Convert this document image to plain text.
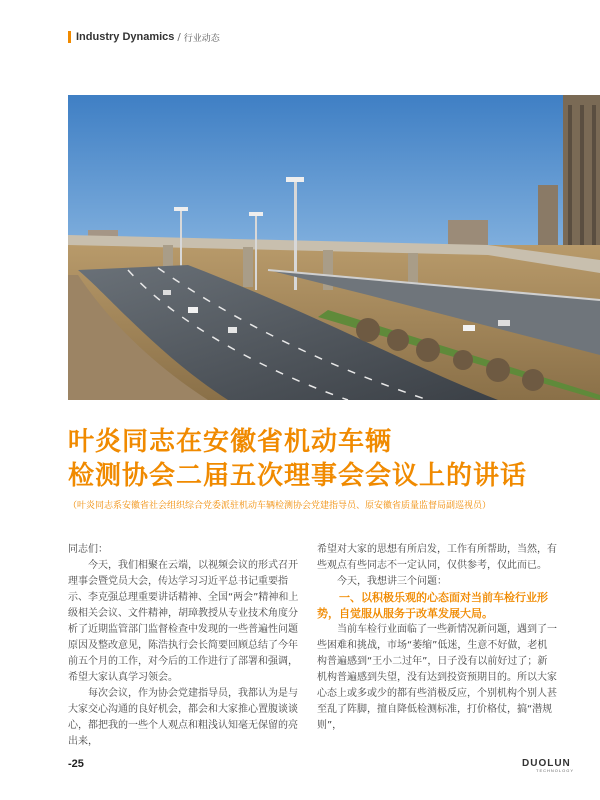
Industry Dynamics / 行业动态
叶炎同志在安徽省机动车辆
检测协会二届五次理事会会议上的讲话
（叶炎同志系安徽省社会组织综合党委派驻机动车辆检测协会党建指导员、原安徽省质量监督局副巡视员）

同志们：

今天，我们相聚在云端，以视频会议的形式召开理事会暨党员大会，传达学习习近平总书记重要指示、李克强总理重要讲话精神、全国“两会”精神和上级相关会议、文件精神，胡璋教授从专业技术角度分析了近期监管部门监督检查中发现的一些普遍性问题原因及整改意见，陈浩执行会长简要回顾总结了今年前五个月的工作，对今后的工作进行了部署和强调，希望大家认真学习领会。

每次会议，作为协会党建指导员，我都认为是与大家交心沟通的良好机会，都会和大家推心置腹谈谈心，都把我的一些个人观点和粗浅认知毫无保留的亮出来，

希望对大家的思想有所启发，工作有所帮助，当然，有些观点有些同志不一定认同，仅供参考，仅此而已。

今天，我想讲三个问题：

一、以积极乐观的心态面对当前车检行业形势，自觉服从服务于改革发展大局。

当前车检行业面临了一些新情况新问题，遇到了一些困难和挑战，市场“萎缩”低迷，生意不好做，老机构普遍感到“王小二过年”，日子没有以前好过了；新机构普遍感到失望，没有达到投资预期目的。所以大家心态上或多或少的都有些消极反应，个别机构个别人甚至乱了阵脚，擅自降低检测标准，打价格仗，搞“潜规则”，

-25	DUOLUN
TECHNOLOGY
